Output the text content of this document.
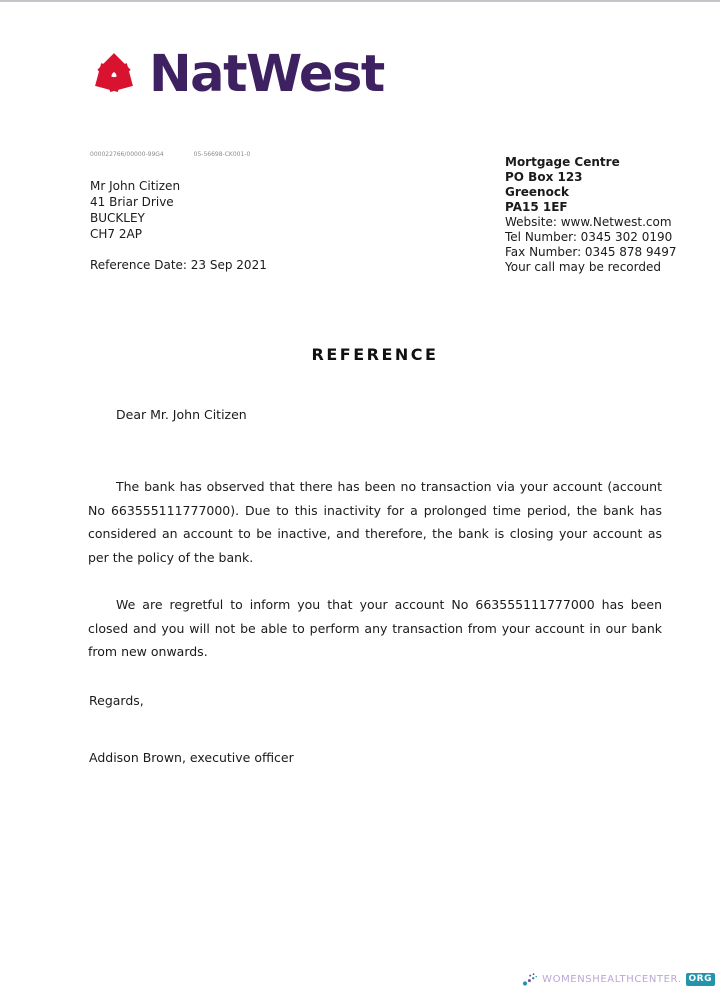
NatWest
000022766/00000-99G4	05-56698-CK001-0
Mr John Citizen
41 Briar Drive
BUCKLEY
CH7 2AP
Reference Date: 23 Sep 2021
Mortgage Centre
PO Box 123
Greenock
PA15 1EF
Website: www.Netwest.com
Tel Number: 0345 302 0190
Fax Number: 0345 878 9497
Your call may be recorded
REFERENCE
Dear Mr. John Citizen

The bank has observed that there has been no transaction via your account (account No 663555111777000). Due to this inactivity for a prolonged time period, the bank has considered an account to be inactive, and therefore, the bank is closing your account as per the policy of the bank.

We are regretful to inform you that your account No 663555111777000 has been closed and you will not be able to perform any transaction from your account in our bank from new onwards.

Regards,
Addison Brown, executive officer
WOMENSHEALTHCENTER. ORG
